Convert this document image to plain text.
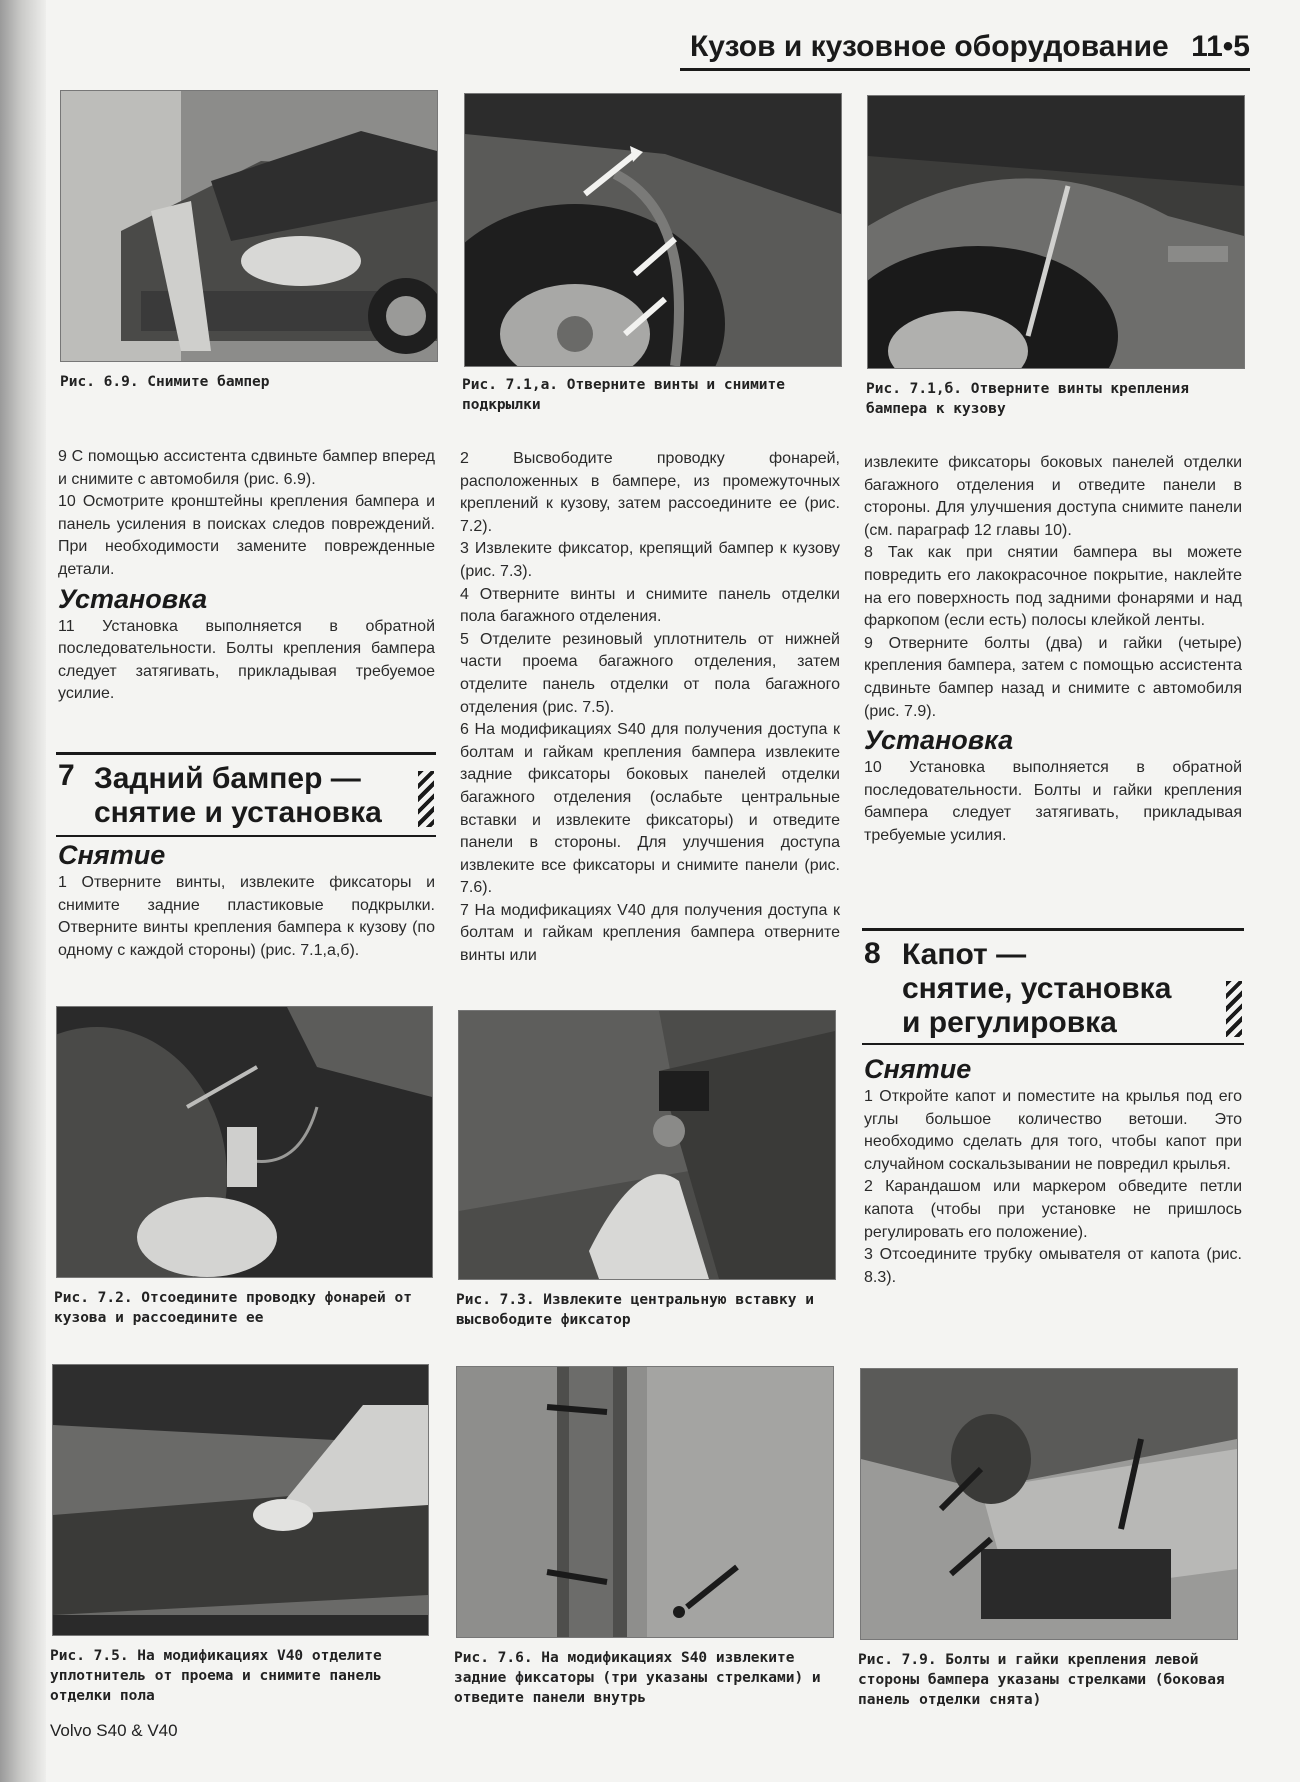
Кузов и кузовное оборудование 11•5
Рис. 6.9. Снимите бампер	Рис. 7.1,а. Отверните винты и снимите подкрылки
Рис. 7.1,б. Отверните винты крепления бампера к кузову

9 С помощью ассистента сдвиньте бампер вперед и снимите с автомобиля (рис. 6.9).

10 Осмотрите кронштейны крепления бампера и панель усиления в поисках следов повреждений. При необходимости замените поврежденные детали.

Установка

11 Установка выполняется в обратной последовательности. Болты крепления бампера следует затягивать, прикладывая требуемое усилие.

7 Задний бампер —
снятие и установка

Снятие

1 Отверните винты, извлеките фиксаторы и снимите задние пластиковые подкрылки. Отверните винты крепления бампера к кузову (по одному с каждой стороны) (рис. 7.1,а,б).

2 Высвободите проводку фонарей, расположенных в бампере, из промежуточных креплений к кузову, затем рассоедините ее (рис. 7.2).

3 Извлеките фиксатор, крепящий бампер к кузову (рис. 7.3).

4 Отверните винты и снимите панель отделки пола багажного отделения.

5 Отделите резиновый уплотнитель от нижней части проема багажного отделения, затем отделите панель отделки от пола багажного отделения (рис. 7.5).

6 На модификациях S40 для получения доступа к болтам и гайкам крепления бампера извлеките задние фиксаторы боковых панелей отделки багажного отделения (ослабьте центральные вставки и извлеките фиксаторы) и отведите панели в стороны. Для улучшения доступа извлеките все фиксаторы и снимите панели (рис. 7.6).

7 На модификациях V40 для получения доступа к болтам и гайкам крепления бампера отверните винты или

извлеките фиксаторы боковых панелей отделки багажного отделения и отведите панели в стороны. Для улучшения доступа снимите панели (см. параграф 12 главы 10).

8 Так как при снятии бампера вы можете повредить его лакокрасочное покрытие, наклейте на его поверхность под задними фонарями и над фаркопом (если есть) полосы клейкой ленты.

9 Отверните болты (два) и гайки (четыре) крепления бампера, затем с помощью ассистента сдвиньте бампер назад и снимите с автомобиля (рис. 7.9).

Установка

10 Установка выполняется в обратной последовательности. Болты и гайки крепления бампера следует затягивать, прикладывая требуемые усилия.

8 Капот —
снятие, установка
и регулировка

Снятие

1 Откройте капот и поместите на крылья под его углы большое количество ветоши. Это необходимо сделать для того, чтобы капот при случайном соскальзывании не повредил крылья.

2 Карандашом или маркером обведите петли капота (чтобы при установке не пришлось регулировать его положение).

3 Отсоедините трубку омывателя от капота (рис. 8.3).

Рис. 7.2. Отсоедините проводку фонарей от кузова и рассоедините ее
Рис. 7.3. Извлеките центральную вставку и высвободите фиксатор
Рис. 7.5. На модификациях V40 отделите уплотнитель от проема и снимите панель отделки пола
Рис. 7.6. На модификациях S40 извлеките задние фиксаторы (три указаны стрелками) и отведите панели внутрь
Рис. 7.9. Болты и гайки крепления левой стороны бампера указаны стрелками (боковая панель отделки снята)
Volvo S40 & V40
